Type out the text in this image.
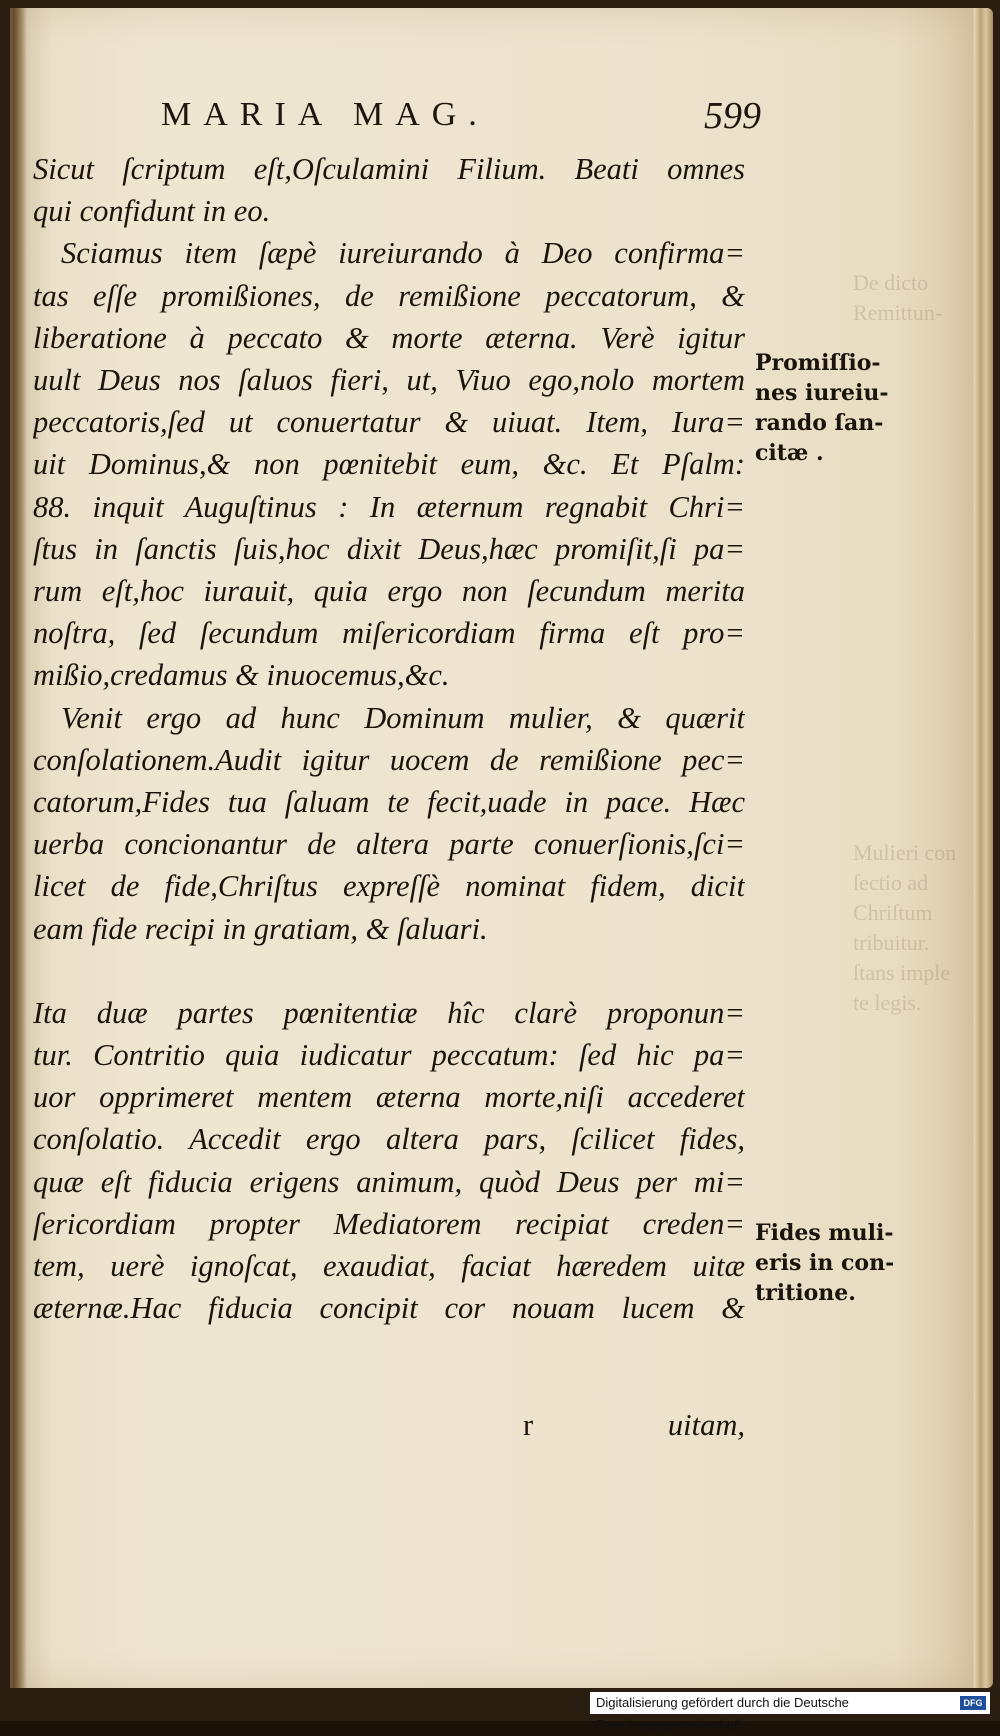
De dicto
Remittun-
Mulieri con
ſectio ad
Chriſtum
tribuitur.
ſtans imple
te legis.
MARIA MAG.	599
Sicut ſcriptum eſt,Oſculamini Filium. Beati omnes
qui confidunt in eo.
Sciamus item ſæpè iureiurando à Deo confirma=
tas eſſe promißiones, de remißione peccatorum, &
liberatione à peccato & morte æterna. Verè igitur
uult Deus nos ſaluos fieri, ut, Viuo ego,nolo mortem
peccatoris,ſed ut conuertatur & uiuat. Item, Iura=
uit Dominus,& non pœnitebit eum, &c. Et Pſalm:
88. inquit Auguſtinus : In æternum regnabit Chri=
ſtus in ſanctis ſuis,hoc dixit Deus,hæc promiſit,ſi pa=
rum eſt,hoc iurauit, quia ergo non ſecundum merita
noſtra, ſed ſecundum miſericordiam firma eſt pro=
mißio,credamus & inuocemus,&c.
Venit ergo ad hunc Dominum mulier, & quærit
conſolationem.Audit igitur uocem de remißione pec=
catorum,Fides tua ſaluam te fecit,uade in pace. Hæc
uerba concionantur de altera parte conuerſionis,ſci=
licet de fide,Chriſtus expreſſè nominat fidem, dicit
eam fide recipi in gratiam, & ſaluari.
Ita duæ partes pœnitentiæ hîc clarè proponun=
tur. Contritio quia iudicatur peccatum: ſed hic pa=
uor opprimeret mentem æterna morte,niſi accederet
conſolatio. Accedit ergo altera pars, ſcilicet fides,
quæ eſt fiducia erigens animum, quòd Deus per mi=
ſericordiam propter Mediatorem recipiat creden=
tem, uerè ignoſcat, exaudiat, faciat hæredem uitæ
æternæ.Hac fiducia concipit cor nouam lucem &
r	uitam,
Promiſſio-
nes iureiu-
rando ſan-
citæ .
Fides muli-
eris in con-
tritione.
Digitalisierung gefördert durch die Deutsche Forschungsgemeinschaft -
DFG
